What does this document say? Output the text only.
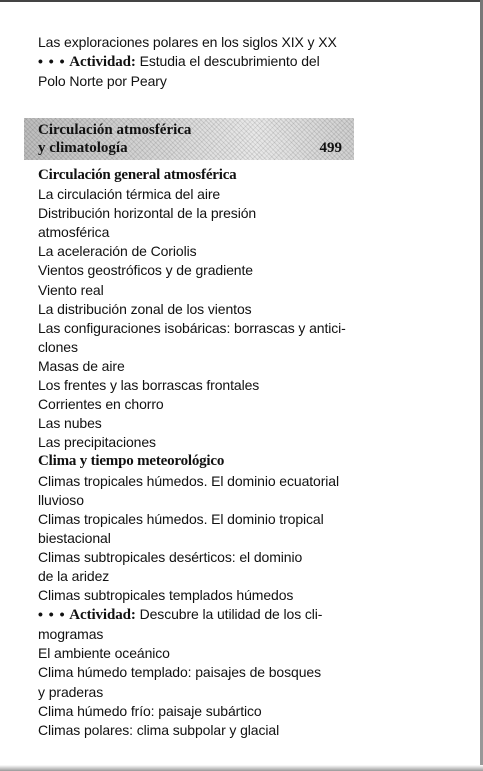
Las exploraciones polares en los siglos XIX y XX
• • • Actividad: Estudia el descubrimiento del
Polo Norte por Peary
Circulación atmosférica
y climatología	499
Circulación general atmosférica
La circulación térmica del aire
Distribución horizontal de la presión
atmosférica
La aceleración de Coriolis
Vientos geostróficos y de gradiente
Viento real
La distribución zonal de los vientos
Las configuraciones isobáricas: borrascas y antici-
clones
Masas de aire
Los frentes y las borrascas frontales
Corrientes en chorro
Las nubes
Las precipitaciones
Clima y tiempo meteorológico
Climas tropicales húmedos. El dominio ecuatorial
lluvioso
Climas tropicales húmedos. El dominio tropical
biestacional
Climas subtropicales desérticos: el dominio
de la aridez
Climas subtropicales templados húmedos
• • • Actividad: Descubre la utilidad de los cli-
mogramas
El ambiente oceánico
Clima húmedo templado: paisajes de bosques
y praderas
Clima húmedo frío: paisaje subártico
Climas polares: clima subpolar y glacial
